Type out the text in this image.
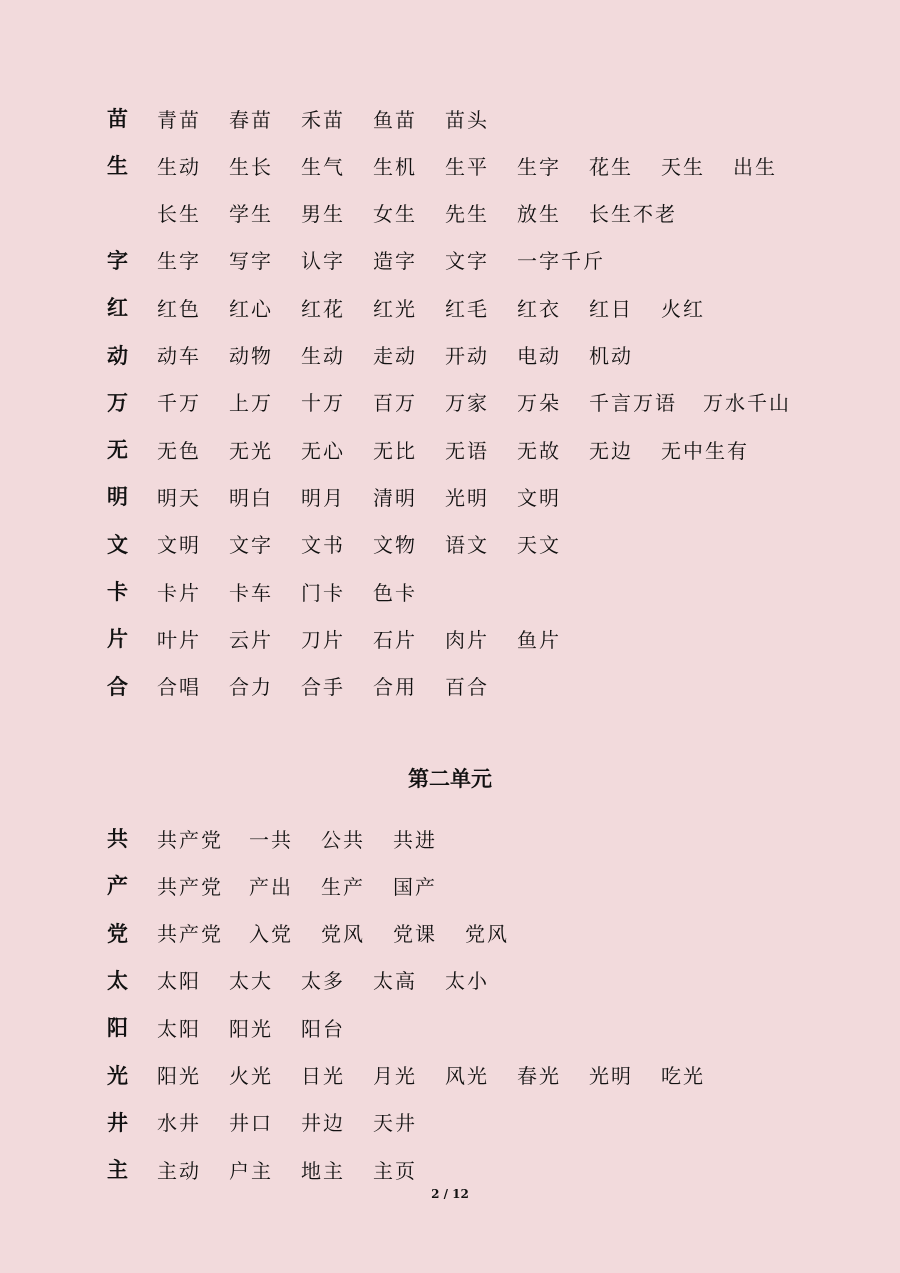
苗	青苗 春苗 禾苗 鱼苗 苗头
生	生动 生长 生气 生机 生平 生字 花生 天生 出生
长生 学生 男生 女生 先生 放生 长生不老
字	生字 写字 认字 造字 文字 一字千斤
红	红色 红心 红花 红光 红毛 红衣 红日 火红
动	动车 动物 生动 走动 开动 电动 机动
万	千万 上万 十万 百万 万家 万朵 千言万语 万水千山
无	无色 无光 无心 无比 无语 无故 无边 无中生有
明	明天 明白 明月 清明 光明 文明
文	文明 文字 文书 文物 语文 天文
卡	卡片 卡车 门卡 色卡
片	叶片 云片 刀片 石片 肉片 鱼片
合	合唱 合力 合手 合用 百合
第二单元
共	共产党 一共 公共 共进
产	共产党 产出 生产 国产
党	共产党 入党 党风 党课 党风
太	太阳 太大 太多 太高 太小
阳	太阳 阳光 阳台
光	阳光 火光 日光 月光 风光 春光 光明 吃光
井	水井 井口 井边 天井
主	主动 户主 地主 主页
2 / 12
